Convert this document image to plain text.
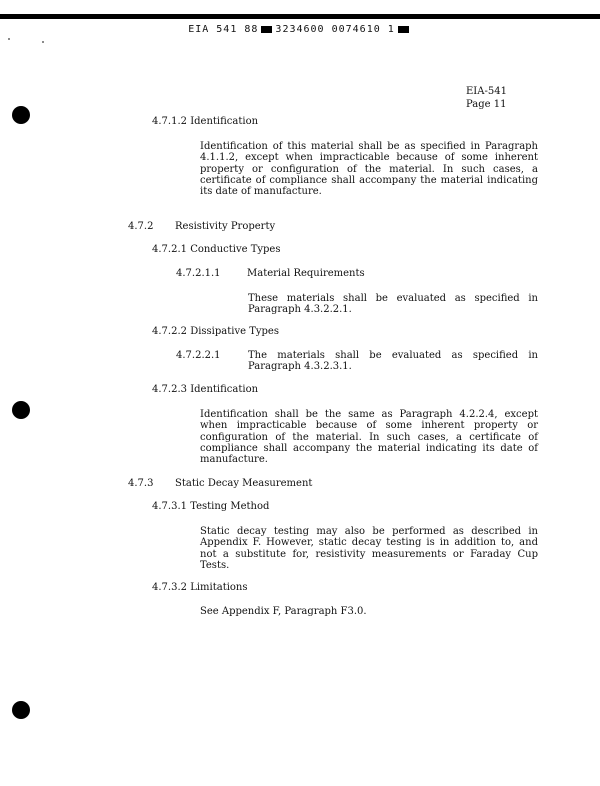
EIA 541 88 3234600 0074610 1
EIA-541
Page 11
4.7.1.2 Identification
Identification of this material shall be as specified in Paragraph 4.1.1.2, except when impracticable because of some inherent property or configuration of the material. In such cases, a certificate of compliance shall accompany the material indicating its date of manufacture.
4.7.2 Resistivity Property
4.7.2.1 Conductive Types
4.7.2.1.1	Material Requirements
These materials shall be evaluated as specified in Paragraph 4.3.2.2.1.
4.7.2.2 Dissipative Types
4.7.2.2.1	The materials shall be evaluated as specified in Paragraph 4.3.2.3.1.
4.7.2.3 Identification
Identification shall be the same as Paragraph 4.2.2.4, except when impracticable because of some inherent property or configuration of the material. In such cases, a certificate of compliance shall accompany the material indicating its date of manufacture.
4.7.3 Static Decay Measurement
4.7.3.1 Testing Method
Static decay testing may also be performed as described in Appendix F. However, static decay testing is in addition to, and not a substitute for, resistivity measurements or Faraday Cup Tests.
4.7.3.2 Limitations
See Appendix F, Paragraph F3.0.
